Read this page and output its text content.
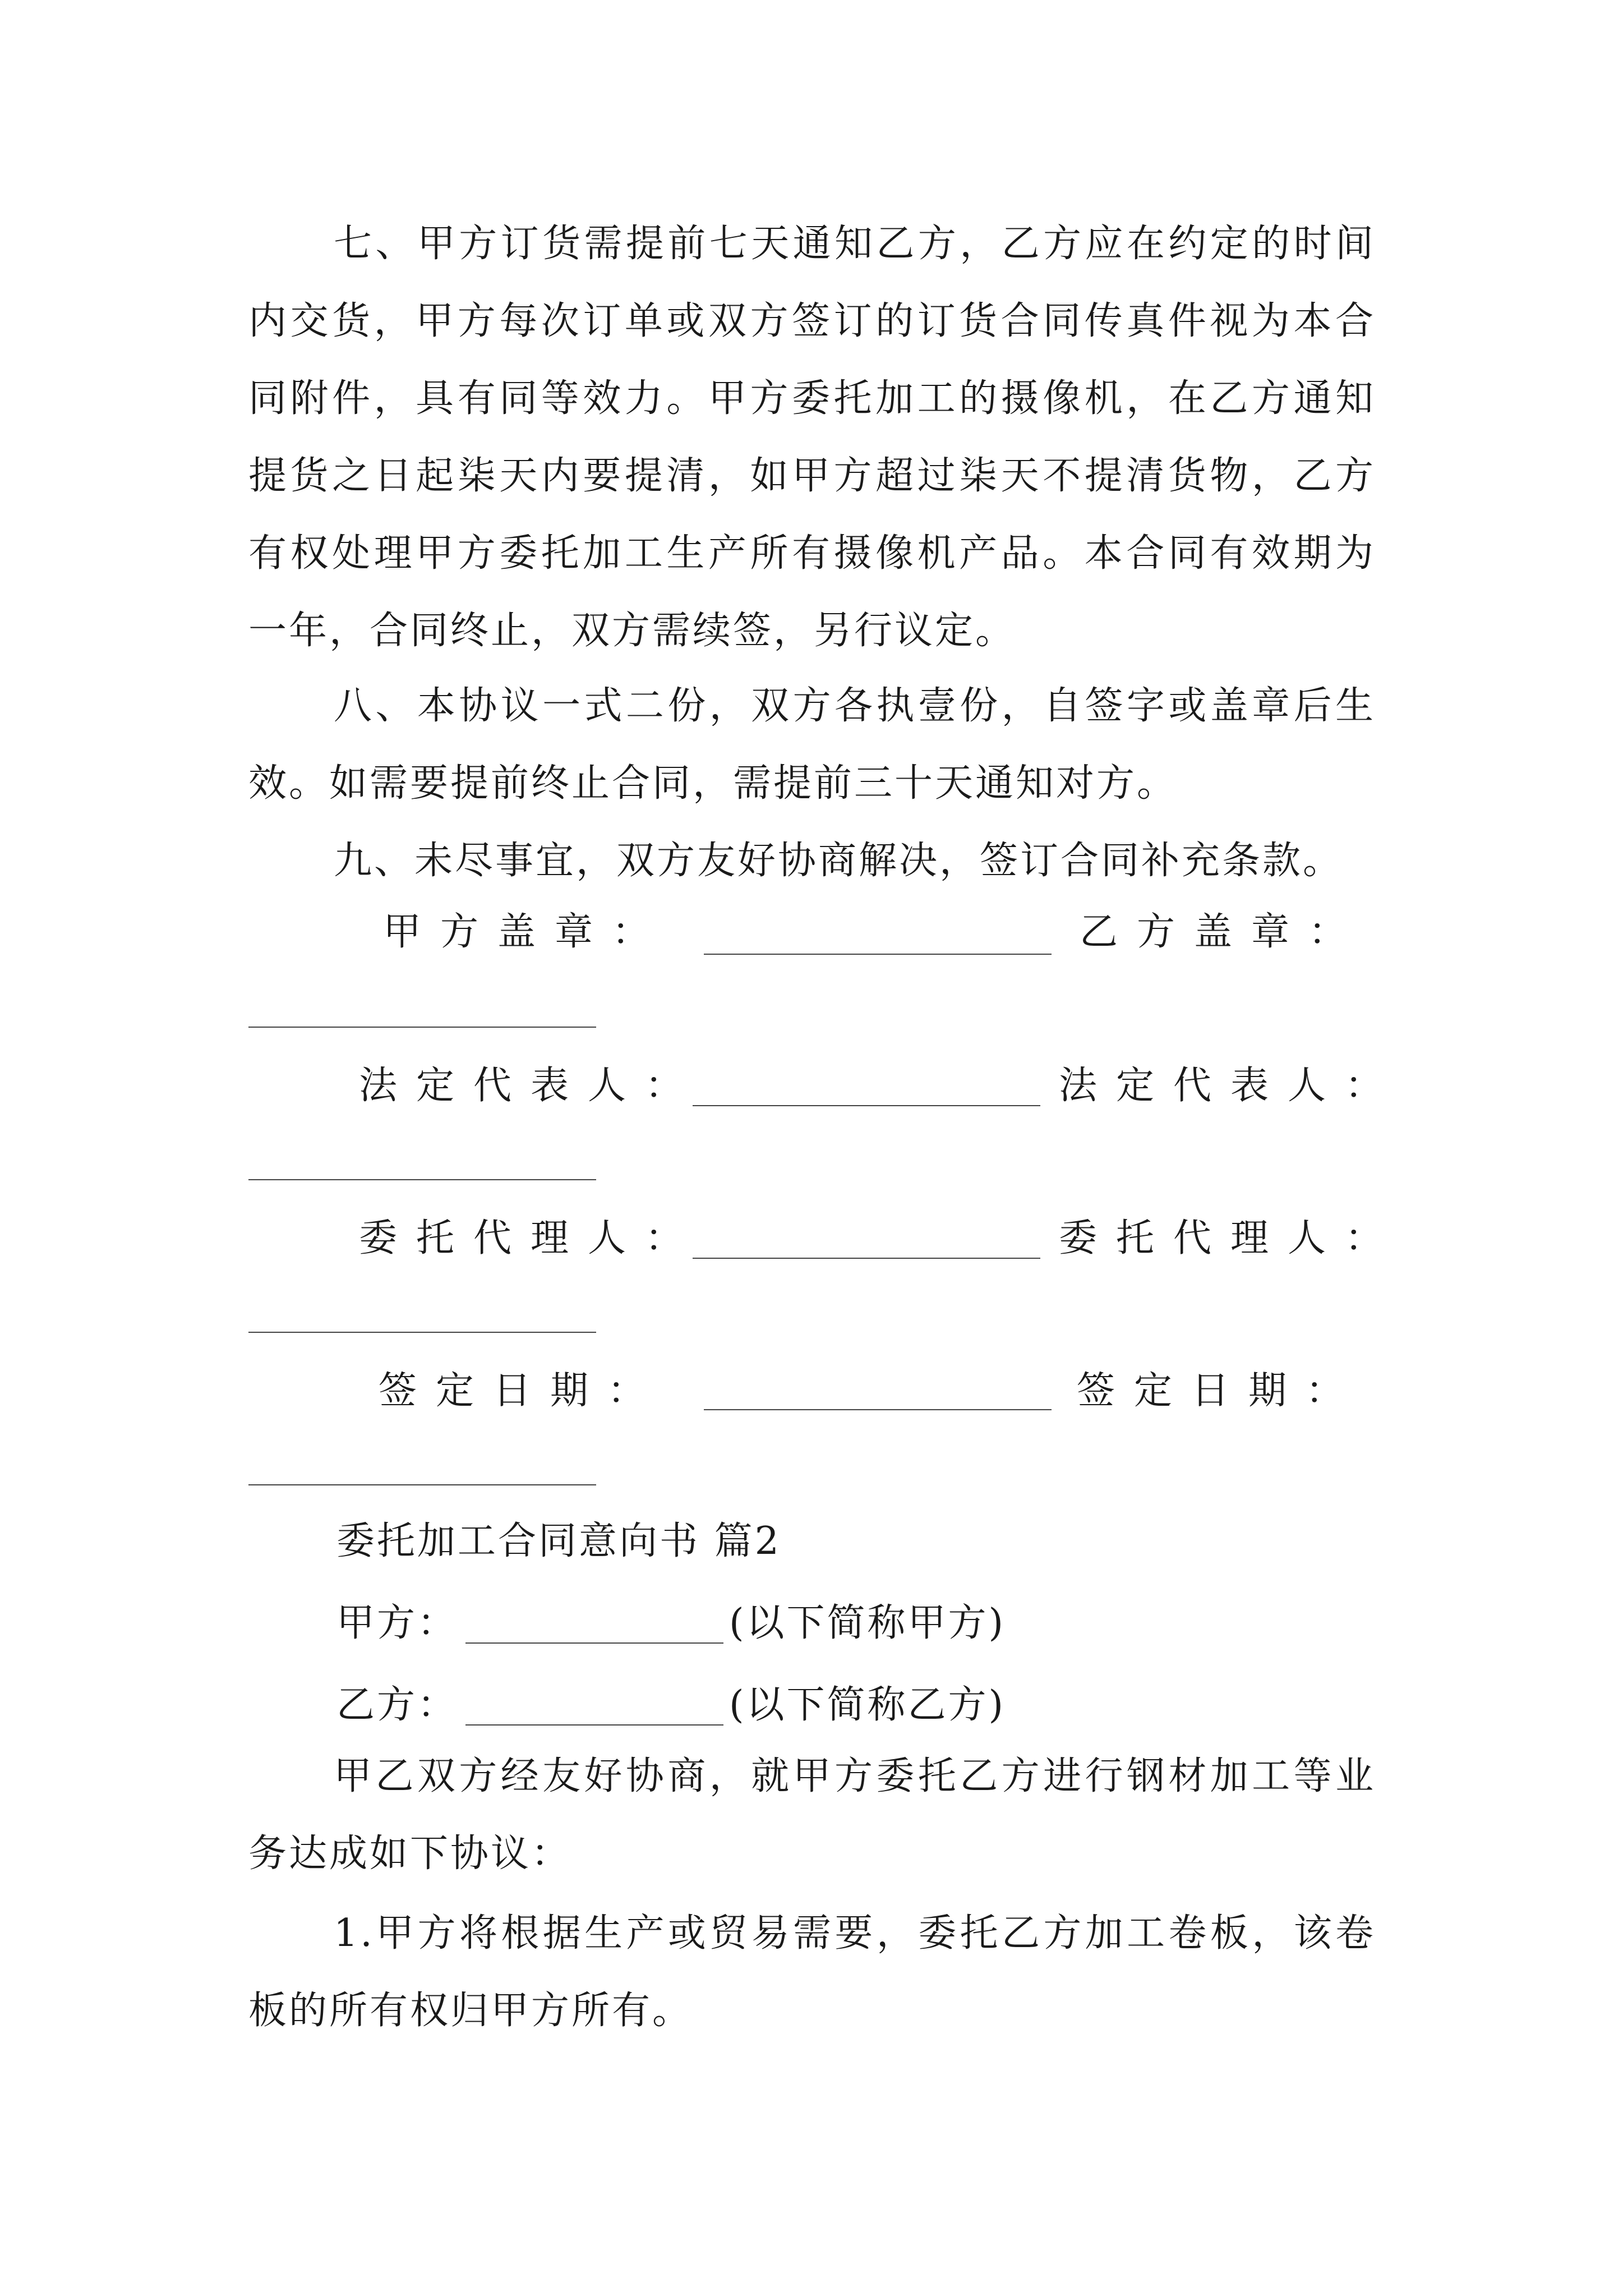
七、甲方订货需提前七天通知乙方，乙方应在约定的时间内交货，甲方每次订单或双方签订的订货合同传真件视为本合同附件，具有同等效力。甲方委托加工的摄像机，在乙方通知提货之日起柒天内要提清，如甲方超过柒天不提清货物，乙方有权处理甲方委托加工生产所有摄像机产品。本合同有效期为一年，合同终止，双方需续签，另行议定。

八、本协议一式二份，双方各执壹份，自签字或盖章后生效。如需要提前终止合同，需提前三十天通知对方。

九、未尽事宜，双方友好协商解决，签订合同补充条款。

甲方盖章：	乙方盖章：
法定代表人：	法定代表人：
委托代理人：	委托代理人：
签定日期：	签定日期：
委托加工合同意向书 篇2
甲方：	(以下简称甲方)
乙方：	(以下简称乙方)

甲乙双方经友好协商，就甲方委托乙方进行钢材加工等业务达成如下协议：

1.甲方将根据生产或贸易需要，委托乙方加工卷板，该卷板的所有权归甲方所有。
